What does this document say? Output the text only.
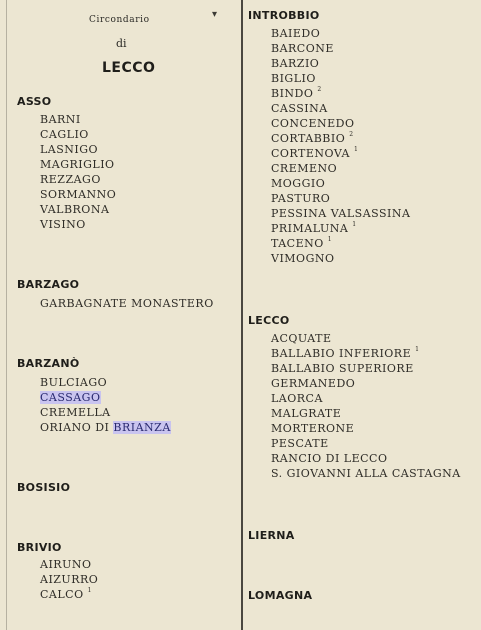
▾
Circondario
di
LECCO
ASSO
BARNI
CAGLIO
LASNIGO
MAGRIGLIO
REZZAGO
SORMANNO
VALBRONA
VISINO
BARZAGO
GARBAGNATE MONASTERO
BARZANÒ
BULCIAGO
CASSAGO
CREMELLA
ORIANO DI BRIANZA
BOSISIO
BRIVIO
AIRUNO
AIZURRO
CALCO $^1$
INTROBBIO
BAIEDO
BARCONE
BARZIO
BIGLIO
BINDO $^2$
CASSINA
CONCENEDO
CORTABBIO $^2$
CORTENOVA $^1$
CREMENO
MOGGIO
PASTURO
PESSINA VALSASSINA
PRIMALUNA $^1$
TACENO $^1$
VIMOGNO
LECCO
ACQUATE
BALLABIO INFERIORE $^1$
BALLABIO SUPERIORE
GERMANEDO
LAORCA
MALGRATE
MORTERONE
PESCATE
RANCIO DI LECCO
S. GIOVANNI ALLA CASTAGNA
LIERNA
LOMAGNA
